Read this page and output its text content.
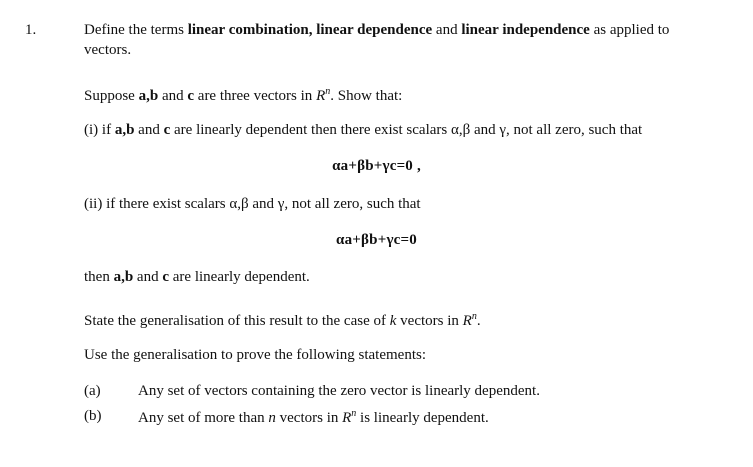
1.	Define the terms linear combination, linear dependence and linear independence as applied to
vectors.
Suppose a,b and c are three vectors in $R^n$. Show that:
(i) if a,b and c are linearly dependent then there exist scalars α,β and γ, not all zero, such that
αa+βb+γc=0 ,
(ii) if there exist scalars α,β and γ, not all zero, such that
αa+βb+γc=0
then a,b and c are linearly dependent.
State the generalisation of this result to the case of k vectors in $R^n$.
Use the generalisation to prove the following statements:
(a) Any set of vectors containing the zero vector is linearly dependent.
(b) Any set of more than n vectors in $R^n$ is linearly dependent.
